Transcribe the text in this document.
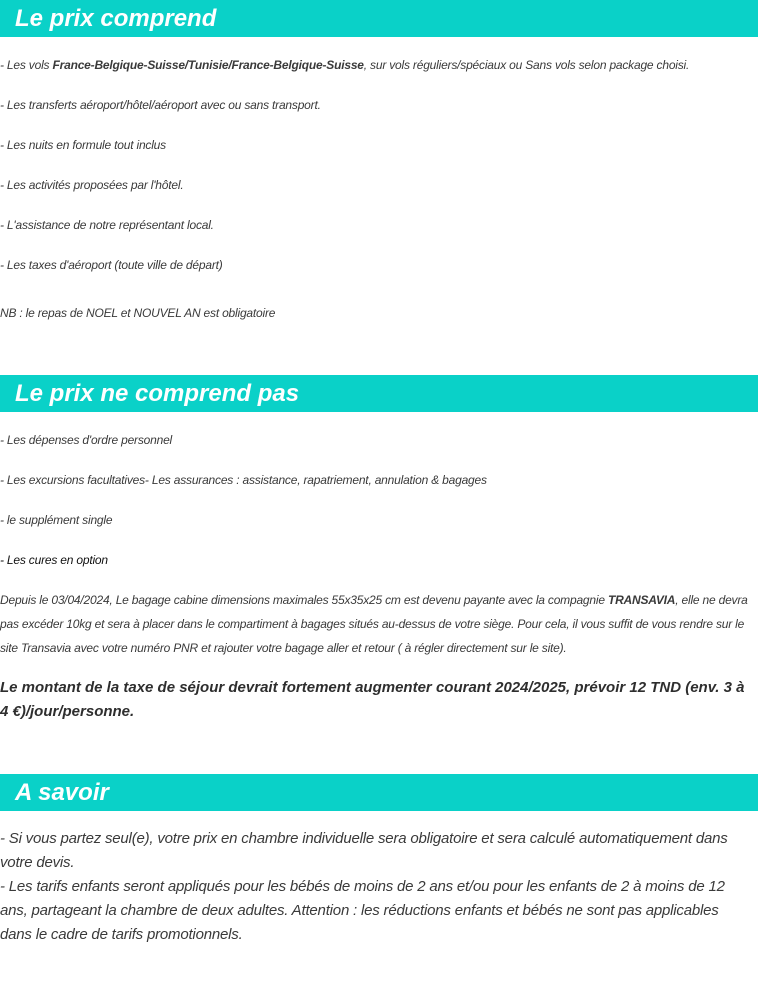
Le prix comprend
- Les vols France-Belgique-Suisse/Tunisie/France-Belgique-Suisse, sur vols réguliers/spéciaux ou Sans vols selon package choisi.
- Les transferts aéroport/hôtel/aéroport avec ou sans transport.
- Les nuits en formule tout inclus
- Les activités proposées par l'hôtel.
- L'assistance de notre représentant local.
- Les taxes d'aéroport (toute ville de départ)
NB : le repas de NOEL et NOUVEL AN est obligatoire
Le prix ne comprend pas
- Les dépenses d'ordre personnel
- Les excursions facultatives- Les assurances : assistance, rapatriement, annulation & bagages
- le supplément single
- Les cures en option
Depuis le 03/04/2024, Le bagage cabine dimensions maximales 55x35x25 cm est devenu payante avec la compagnie TRANSAVIA, elle ne devra pas excéder 10kg et sera à placer dans le compartiment à bagages situés au-dessus de votre siège. Pour cela, il vous suffit de vous rendre sur le site Transavia avec votre numéro PNR et rajouter votre bagage aller et retour ( à régler directement sur le site).
Le montant de la taxe de séjour devrait fortement augmenter courant 2024/2025, prévoir 12 TND (env. 3 à 4 €)/jour/personne.
A savoir
- Si vous partez seul(e), votre prix en chambre individuelle sera obligatoire et sera calculé automatiquement dans votre devis.
- Les tarifs enfants seront appliqués pour les bébés de moins de 2 ans et/ou pour les enfants de 2 à moins de 12 ans, partageant la chambre de deux adultes. Attention : les réductions enfants et bébés ne sont pas applicables dans le cadre de tarifs promotionnels.
